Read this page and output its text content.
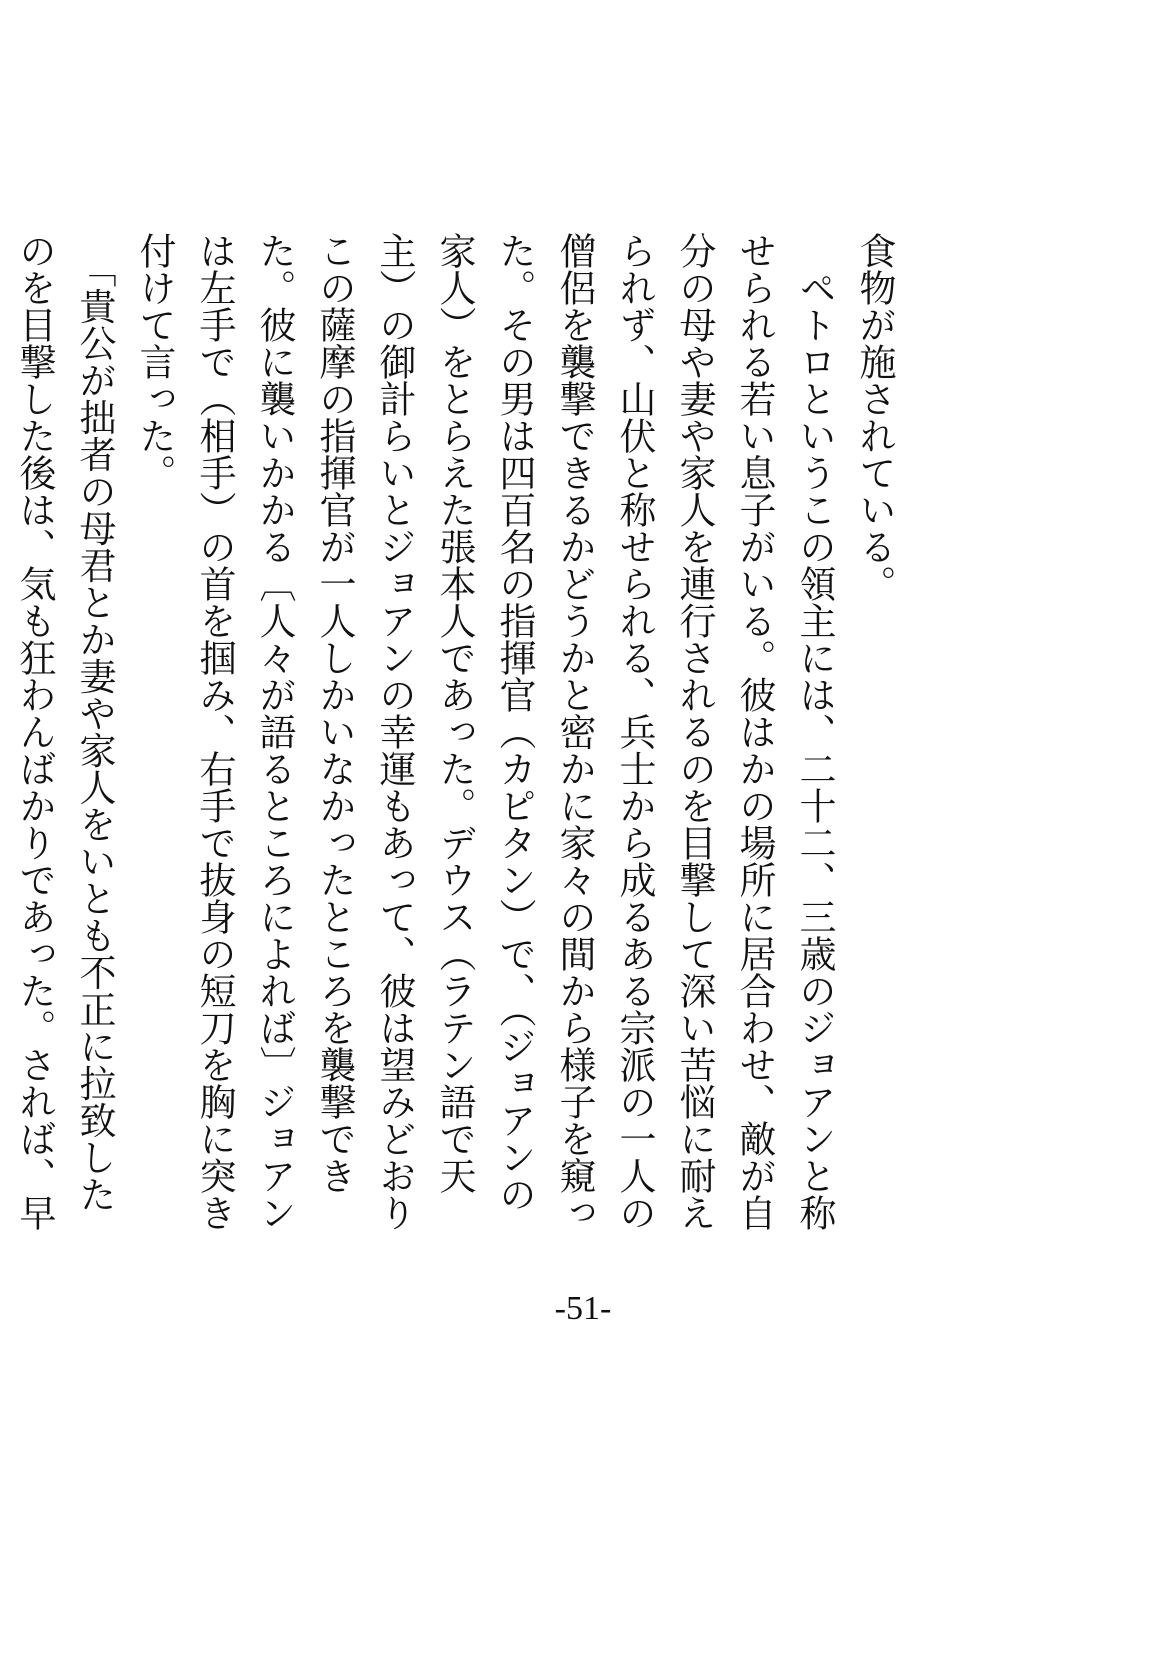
食物が施されている。

　ペトロというこの領主には、二十二、三歳のジョアンと称せられる若い息子がいる。彼はかの場所に居合わせ、敵が自分の母や妻や家人を連行されるのを目撃して深い苦悩に耐えられず、山伏と称せられる、兵士から成るある宗派の一人の僧侶を襲撃できるかどうかと密かに家々の間から様子を窺った。その男は四百名の指揮官（カピタン）で、（ジョアンの家人）をとらえた張本人であった。デウス（ラテン語で天主）の御計らいとジョアンの幸運もあって、彼は望みどおりこの薩摩の指揮官が一人しかいなかったところを襲撃できた。彼に襲いかかる〔人々が語るところによれば〕ジョアンは左手で（相手）の首を掴み、右手で抜身の短刀を胸に突き付けて言った。

　「貴公が拙者の母君とか妻や家人をいとも不正に拉致したのを目撃した後は、気も狂わんばかりであった。されば、早

-51-
